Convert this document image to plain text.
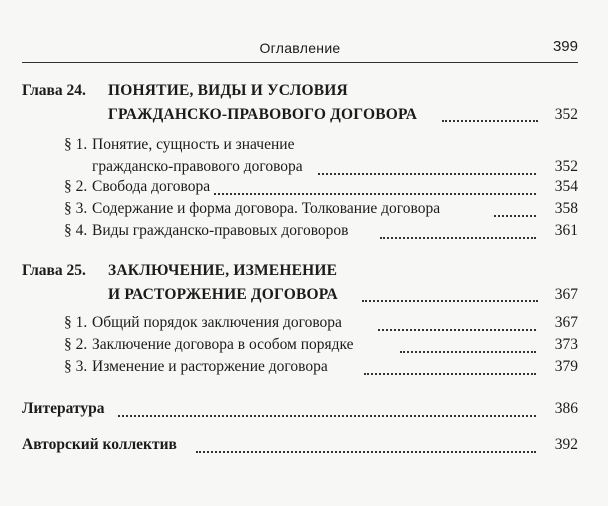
Оглавление	399
Глава 24. ПОНЯТИЕ, ВИДЫ И УСЛОВИЯ
ГРАЖДАНСКО-ПРАВОВОГО ДОГОВОРА	352
§ 1. Понятие, сущность и значение
гражданско-правового договора	352
§ 2. Свобода договора	354
§ 3. Содержание и форма договора. Толкование договора	358
§ 4. Виды гражданско-правовых договоров	361
Глава 25. ЗАКЛЮЧЕНИЕ, ИЗМЕНЕНИЕ
И РАСТОРЖЕНИЕ ДОГОВОРА	367
§ 1. Общий порядок заключения договора	367
§ 2. Заключение договора в особом порядке	373
§ 3. Изменение и расторжение договора	379
Литература	386
Авторский коллектив	392
